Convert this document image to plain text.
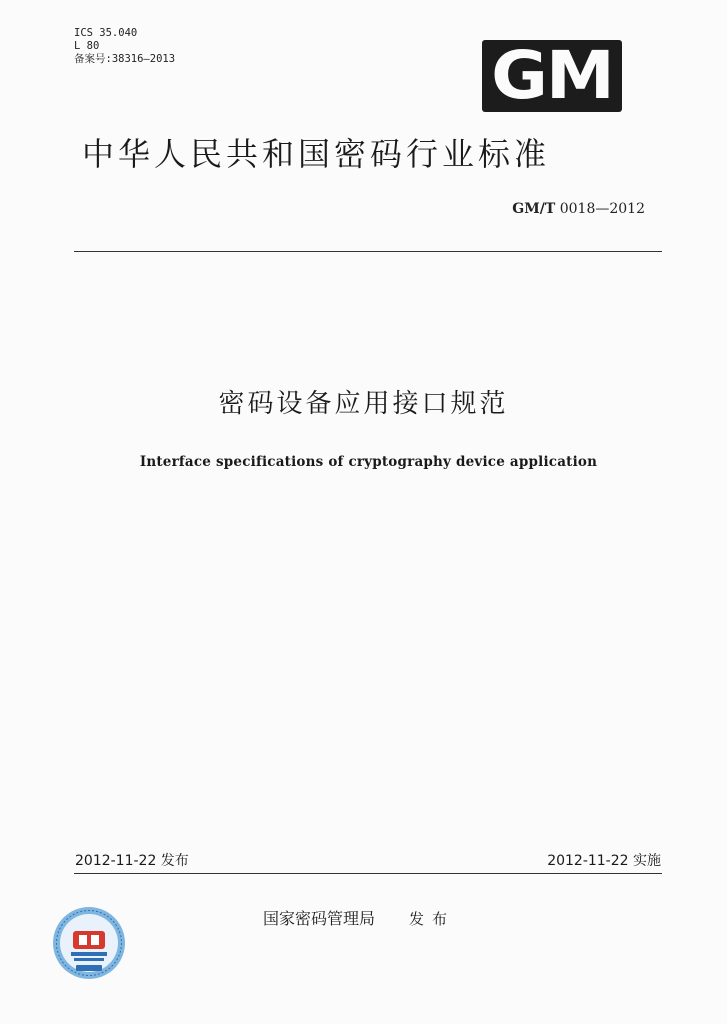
ICS 35.040
L 80
备案号:38316—2013	GM
中华人民共和国密码行业标准
GM/T 0018—2012
密码设备应用接口规范
Interface specifications of cryptography device application
2012-11-22 发布	2012-11-22 实施
国家密码管理局 发布
